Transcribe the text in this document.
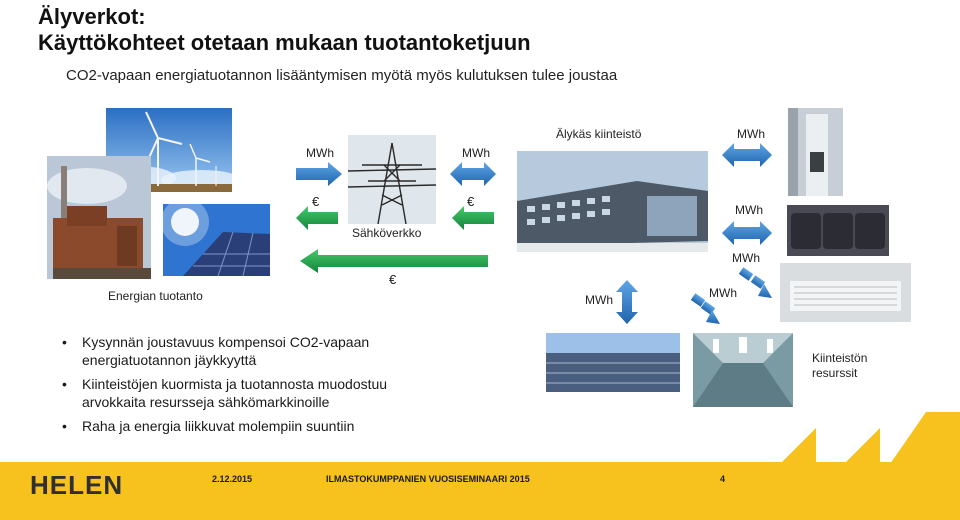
Älyverkot:
Käyttökohteet otetaan mukaan tuotantoketjuun
CO2-vapaan energiatuotannon lisääntymisen myötä myös kulutuksen tulee joustaa
Energian tuotanto
Sähköverkko
Älykäs kiinteistö
Kiinteistön resurssit
MWh	MWh
MWh
MWh
MWh
MWh	MWh
€	€
€
• Kysynnän joustavuus kompensoi CO2-vapaan energiatuotannon jäykkyyttä
• Kiinteistöjen kuormista ja tuotannosta muodostuu arvokkaita resursseja sähkömarkkinoille
• Raha ja energia liikkuvat molempiin suuntiin
HELEN	2.12.2015	ILMASTOKUMPPANIEN VUOSISEMINAARI 2015	4
